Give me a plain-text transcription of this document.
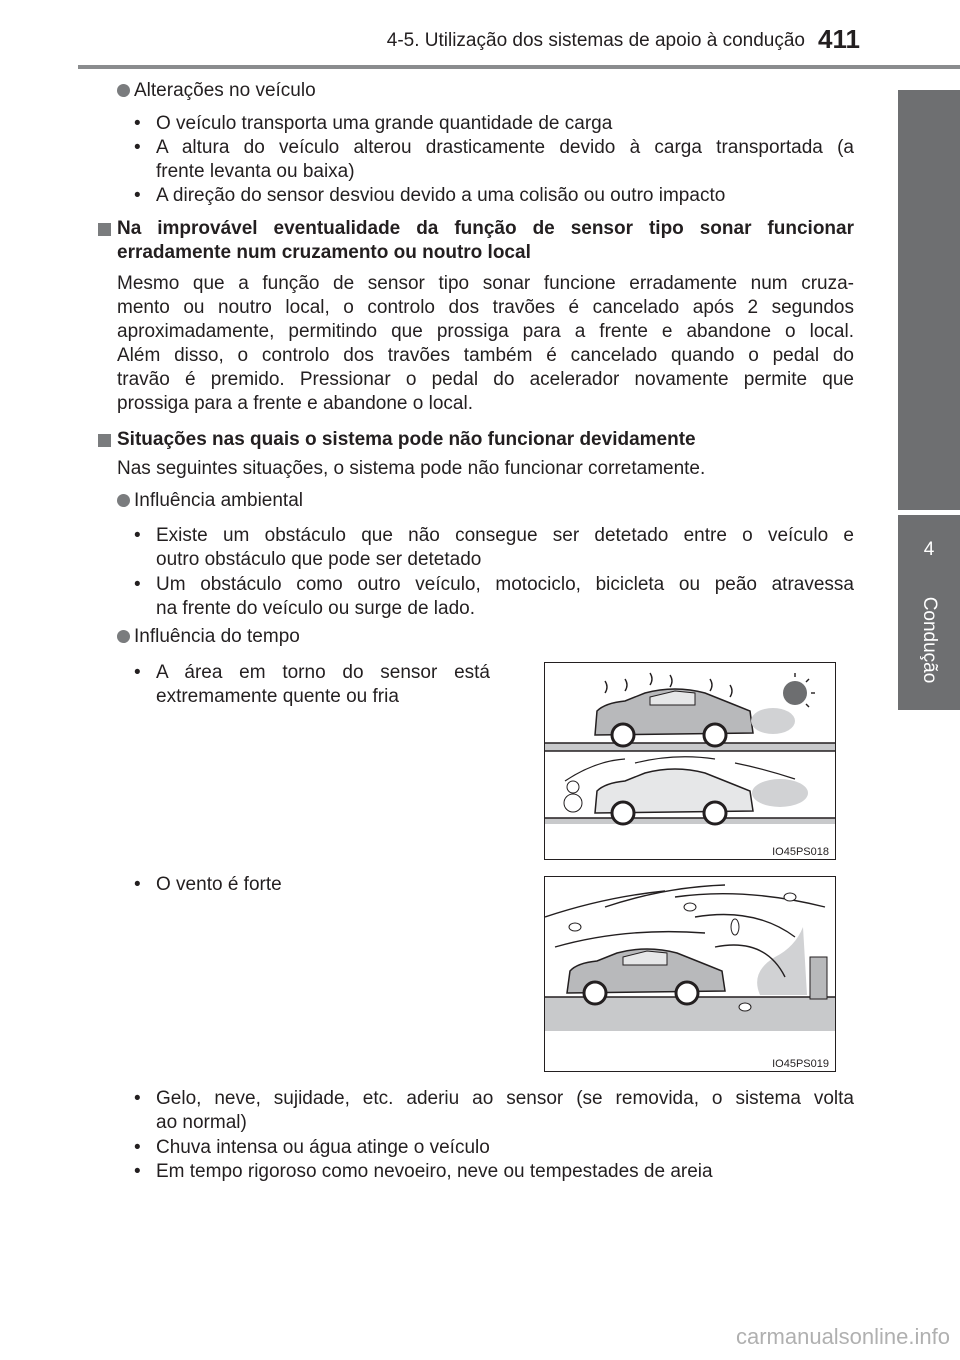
4-5. Utilização dos sistemas de apoio à condução 411
4
Condução
Alterações no veículo
• O veículo transporta uma grande quantidade de carga
• A altura do veículo alterou drasticamente devido à carga transportada (a
frente levanta ou baixa)
• A direção do sensor desviou devido a uma colisão ou outro impacto
Na improvável eventualidade da função de sensor tipo sonar funcionar
erradamente num cruzamento ou noutro local
Mesmo que a função de sensor tipo sonar funcione erradamente num cruza-
mento ou noutro local, o controlo dos travões é cancelado após 2 segundos
aproximadamente, permitindo que prossiga para a frente e abandone o local.
Além disso, o controlo dos travões também é cancelado quando o pedal do
travão é premido. Pressionar o pedal do acelerador novamente permite que
prossiga para a frente e abandone o local.
Situações nas quais o sistema pode não funcionar devidamente
Nas seguintes situações, o sistema pode não funcionar corretamente.
Influência ambiental
• Existe um obstáculo que não consegue ser detetado entre o veículo e
outro obstáculo que pode ser detetado
• Um obstáculo como outro veículo, motociclo, bicicleta ou peão atravessa
na frente do veículo ou surge de lado.
Influência do tempo
• A área em torno do sensor está
extremamente quente ou fria
IO45PS018
• O vento é forte
IO45PS019
• Gelo, neve, sujidade, etc. aderiu ao sensor (se removida, o sistema volta
ao normal)
• Chuva intensa ou água atinge o veículo
• Em tempo rigoroso como nevoeiro, neve ou tempestades de areia
carmanualsonline.info
